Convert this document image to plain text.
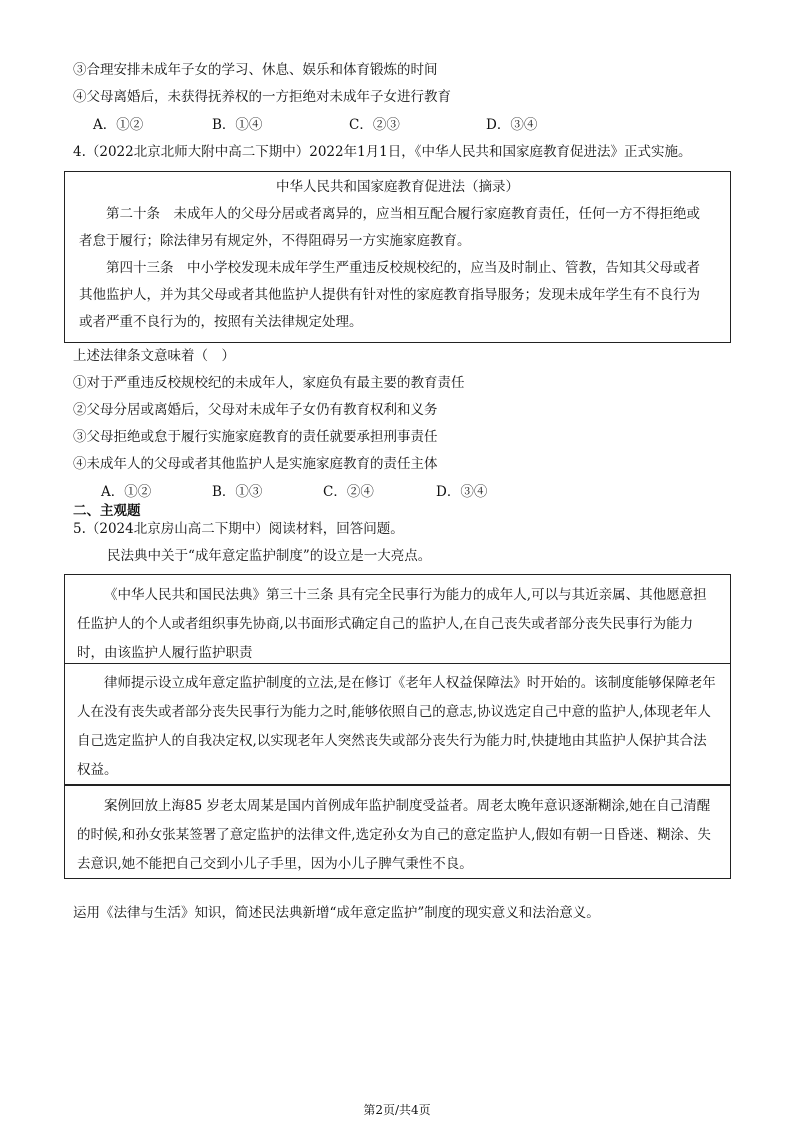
③合理安排未成年子女的学习、休息、娱乐和体育锻炼的时间
④父母离婚后，未获得抚养权的一方拒绝对未成年子女进行教育
A．①②	B．①④	C．②③	D．③④
4.（2022北京北师大附中高二下期中）2022年1月1日，《中华人民共和国家庭教育促进法》正式实施。

中华人民共和国家庭教育促进法（摘录）

第二十条　未成年人的父母分居或者离异的，应当相互配合履行家庭教育责任，任何一方不得拒绝或

者怠于履行；除法律另有规定外，不得阻碍另一方实施家庭教育。

第四十三条　中小学校发现未成年学生严重违反校规校纪的，应当及时制止、管教，告知其父母或者

其他监护人，并为其父母或者其他监护人提供有针对性的家庭教育指导服务；发现未成年学生有不良行为

或者严重不良行为的，按照有关法律规定处理。

上述法律条文意味着（　）
①对于严重违反校规校纪的未成年人，家庭负有最主要的教育责任
②父母分居或离婚后，父母对未成年子女仍有教育权利和义务
③父母拒绝或怠于履行实施家庭教育的责任就要承担刑事责任
④未成年人的父母或者其他监护人是实施家庭教育的责任主体
A．①②	B．①③	C．②④	D．③④
二、主观题
5.（2024北京房山高二下期中）阅读材料，回答问题。
民法典中关于“成年意定监护制度”的设立是一大亮点。

《中华人民共和国民法典》第三十三条 具有完全民事行为能力的成年人,可以与其近亲属、其他愿意担任监护人的个人或者组织事先协商,以书面形式确定自己的监护人,在自己丧失或者部分丧失民事行为能力时，由该监护人履行监护职责

律师提示设立成年意定监护制度的立法,是在修订《老年人权益保障法》时开始的。该制度能够保障老年人在没有丧失或者部分丧失民事行为能力之时,能够依照自己的意志,协议选定自己中意的监护人,体现老年人自己选定监护人的自我决定权,以实现老年人突然丧失或部分丧失行为能力时,快捷地由其监护人保护其合法权益。

案例回放上海85 岁老太周某是国内首例成年监护制度受益者。周老太晚年意识逐渐糊涂,她在自己清醒的时候,和孙女张某签署了意定监护的法律文件,选定孙女为自己的意定监护人,假如有朝一日昏迷、糊涂、失去意识,她不能把自己交到小儿子手里，因为小儿子脾气秉性不良。

运用《法律与生活》知识，简述民法典新增“成年意定监护”制度的现实意义和法治意义。
第2页/共4页
